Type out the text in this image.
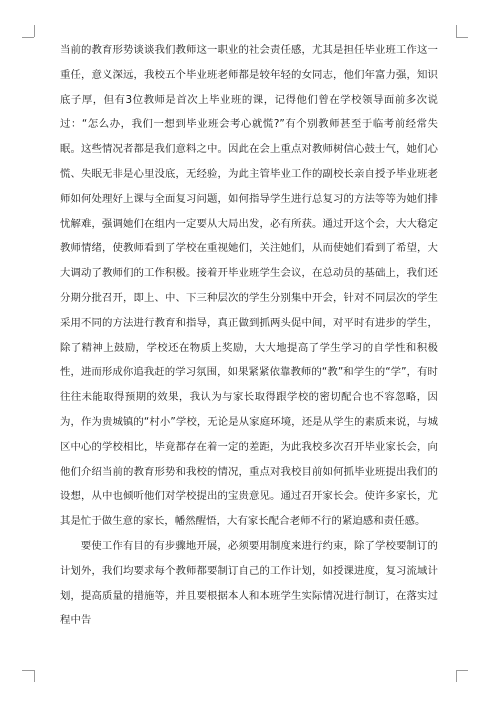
当前的教育形势谈谈我们教师这一职业的社会责任感，尤其是担任毕业班工作这一重任，意义深远，我校五个毕业班老师都是较年轻的女同志，他们年富力强，知识底子厚，但有3位教师是首次上毕业班的课，记得他们曾在学校领导面前多次说过：“怎么办，我们一想到毕业班会考心就慌?”有个别教师甚至于临考前经常失眠。这些情况者都是我们意料之中。因此在会上重点对教师树信心鼓士气，她们心慌、失眠无非是心里没底，无经验，为此主管毕业工作的副校长亲自授予毕业班老师如何处理好上课与全面复习问题，如何指导学生进行总复习的方法等等为她们排忧解难，强调她们在组内一定要从大局出发，必有所获。通过开这个会，大大稳定教师情绪，使教师看到了学校在重视她们，关注她们，从而使她们看到了希望，大大调动了教师们的工作积极。接着开毕业班学生会议，在总动员的基础上，我们还分期分批召开，即上、中、下三种层次的学生分别集中开会，针对不同层次的学生采用不同的方法进行教育和指导，真正做到抓两头促中间，对平时有进步的学生，除了精神上鼓励，学校还在物质上奖励，大大地提高了学生学习的自学性和积极性，进而形成你追我赶的学习氛围，如果紧紧依靠教师的“教”和学生的“学”，有时往往未能取得预期的效果，我认为与家长取得跟学校的密切配合也不容忽略，因为，作为贵城镇的“村小”学校，无论是从家庭环境，还是从学生的素质来说，与城区中心的学校相比，毕竟都存在着一定的差距，为此我校多次召开毕业家长会，向他们介绍当前的教育形势和我校的情况，重点对我校目前如何抓毕业班提出我们的设想，从中也倾听他们对学校提出的宝贵意见。通过召开家长会。使许多家长，尤其是忙于做生意的家长，幡然醒悟，大有家长配合老师不行的紧迫感和责任感。

要使工作有目的有步骤地开展，必须要用制度来进行约束，除了学校要制订的计划外，我们均要求每个教师都要制订自己的工作计划，如授课进度，复习流域计划，提高质量的措施等，并且要根据本人和本班学生实际情况进行制订，在落实过程中告
